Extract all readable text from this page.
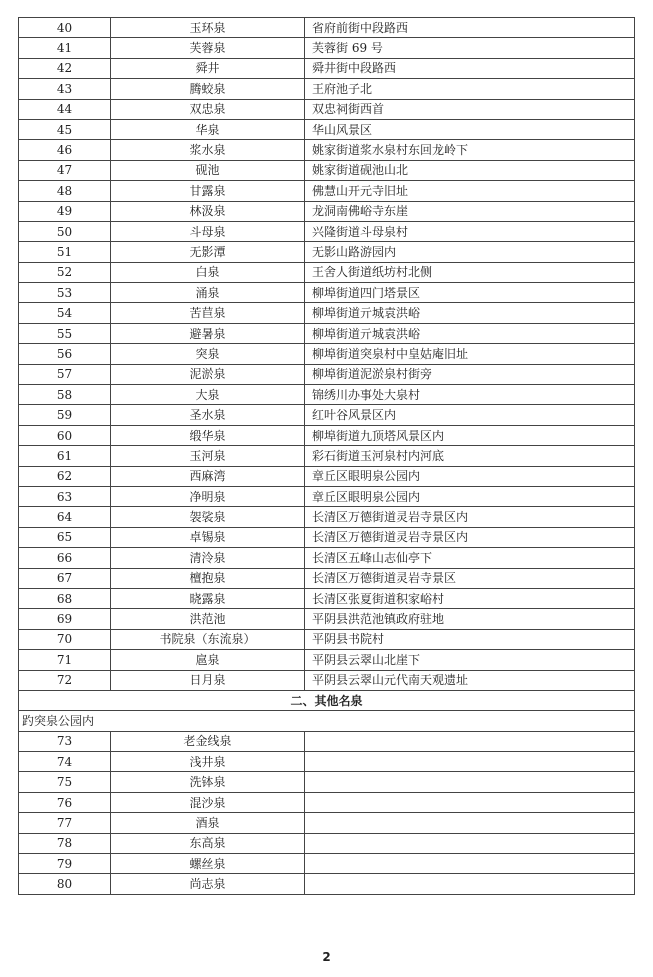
40	玉环泉	省府前街中段路西
41	芙蓉泉	芙蓉街 69 号
42	舜井	舜井街中段路西
43	腾蛟泉	王府池子北
44	双忠泉	双忠祠街西首
45	华泉	华山风景区
46	浆水泉	姚家街道浆水泉村东回龙岭下
47	砚池	姚家街道砚池山北
48	甘露泉	佛慧山开元寺旧址
49	林汲泉	龙洞南佛峪寺东崖
50	斗母泉	兴隆街道斗母泉村
51	无影潭	无影山路游园内
52	白泉	王舍人街道纸坊村北侧
53	涌泉	柳埠街道四门塔景区
54	苦苣泉	柳埠街道亓城袁洪峪
55	避暑泉	柳埠街道亓城袁洪峪
56	突泉	柳埠街道突泉村中皇姑庵旧址
57	泥淤泉	柳埠街道泥淤泉村街旁
58	大泉	锦绣川办事处大泉村
59	圣水泉	红叶谷风景区内
60	缎华泉	柳埠街道九顶塔风景区内
61	玉河泉	彩石街道玉河泉村内河底
62	西麻湾	章丘区眼明泉公园内
63	净明泉	章丘区眼明泉公园内
64	袈裟泉	长清区万德街道灵岩寺景区内
65	卓锡泉	长清区万德街道灵岩寺景区内
66	清泠泉	长清区五峰山志仙亭下
67	檀抱泉	长清区万德街道灵岩寺景区
68	晓露泉	长清区张夏街道积家峪村
69	洪范池	平阴县洪范池镇政府驻地
70	书院泉（东流泉）	平阴县书院村
71	扈泉	平阴县云翠山北崖下
72	日月泉	平阴县云翠山元代南天观遗址
二、其他名泉		
趵突泉公园内		
73	老金线泉	
74	浅井泉	
75	洗钵泉	
76	混沙泉	
77	酒泉	
78	东高泉	
79	螺丝泉	
80	尚志泉	
2
